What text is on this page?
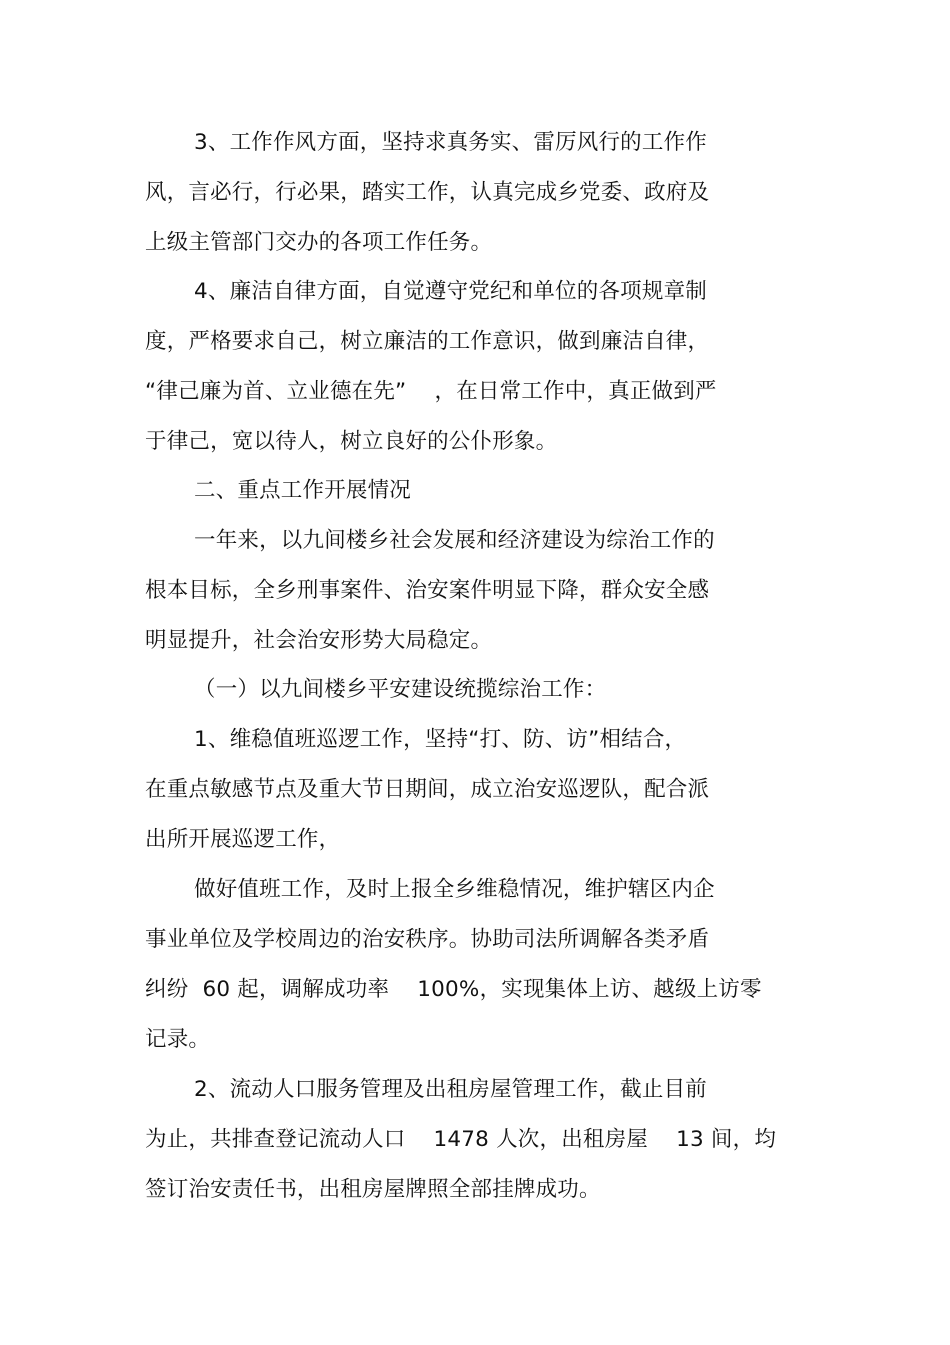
3、工作作风方面，坚持求真务实、雷厉风行的工作作
风，言必行，行必果，踏实工作，认真完成乡党委、政府及
上级主管部门交办的各项工作任务。
4、廉洁自律方面，自觉遵守党纪和单位的各项规章制
度，严格要求自己，树立廉洁的工作意识，做到廉洁自律，
“律己廉为首、立业德在先”    ，在日常工作中，真正做到严
于律己，宽以待人，树立良好的公仆形象。
二、重点工作开展情况
一年来，以九间楼乡社会发展和经济建设为综治工作的
根本目标，全乡刑事案件、治安案件明显下降，群众安全感
明显提升，社会治安形势大局稳定。
（一）以九间楼乡平安建设统揽综治工作：
1、维稳值班巡逻工作，坚持“打、防、访”相结合，
在重点敏感节点及重大节日期间，成立治安巡逻队，配合派
出所开展巡逻工作，
做好值班工作，及时上报全乡维稳情况，维护辖区内企
事业单位及学校周边的治安秩序。协助司法所调解各类矛盾
纠纷  60 起，调解成功率    100%，实现集体上访、越级上访零
记录。
2、流动人口服务管理及出租房屋管理工作，截止目前
为止，共排查登记流动人口    1478 人次，出租房屋    13 间，均
签订治安责任书，出租房屋牌照全部挂牌成功。
